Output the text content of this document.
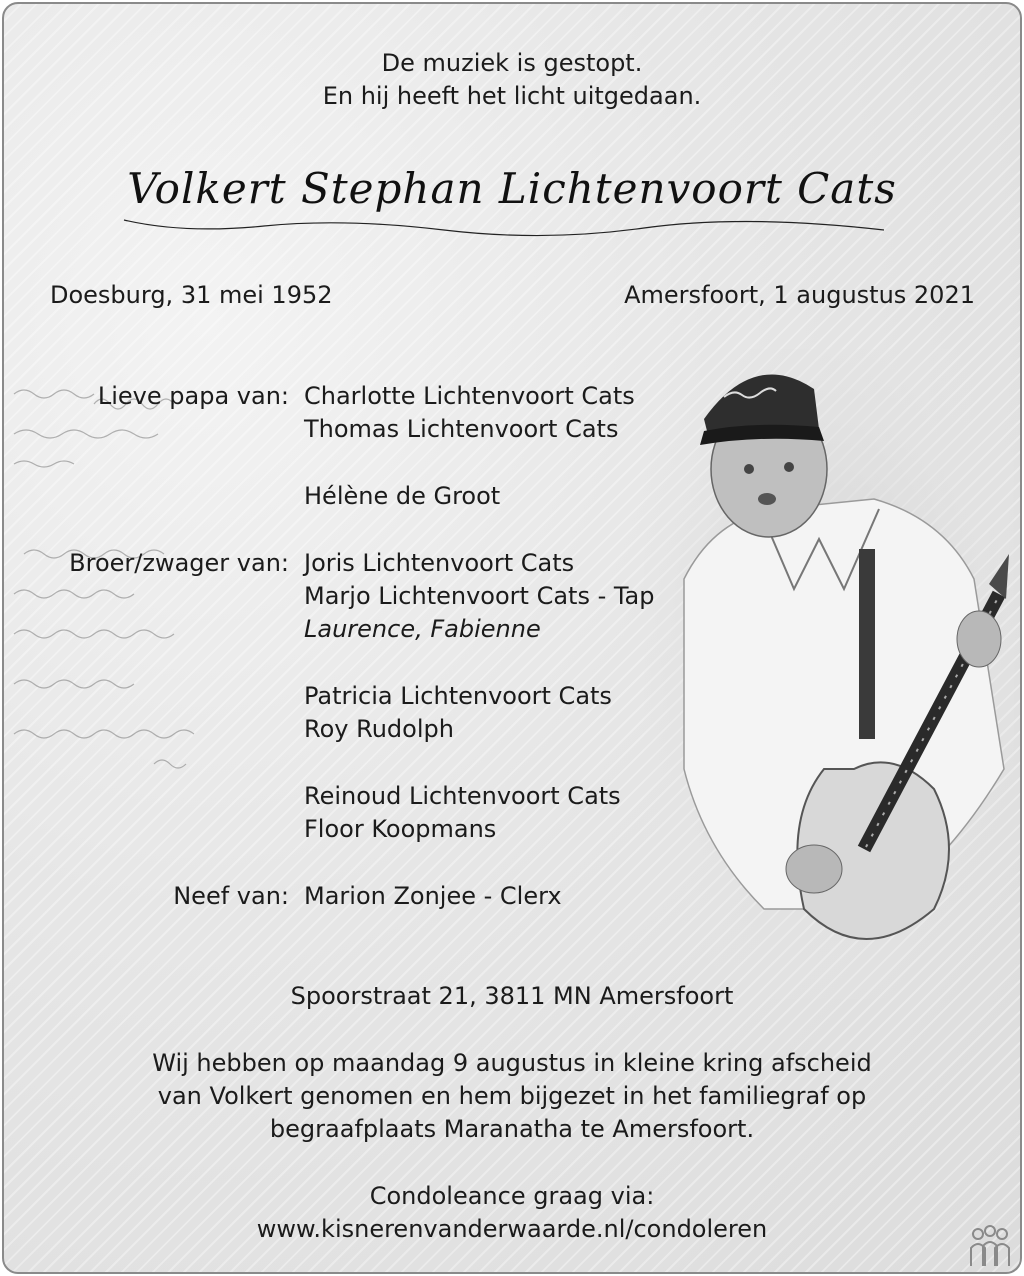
De muziek is gestopt.
En hij heeft het licht uitgedaan.
Volkert Stephan Lichtenvoort Cats
Doesburg, 31 mei 1952	Amersfoort, 1 augustus 2021
Lieve papa van: Charlotte Lichtenvoort Cats
Thomas Lichtenvoort Cats
Hélène de Groot
Broer/zwager van: Joris Lichtenvoort Cats
Marjo Lichtenvoort Cats - Tap
Laurence, Fabienne
Patricia Lichtenvoort Cats
Roy Rudolph
Reinoud Lichtenvoort Cats
Floor Koopmans
Neef van: Marion Zonjee - Clerx
Spoorstraat 21, 3811 MN Amersfoort
Wij hebben op maandag 9 augustus in kleine kring afscheid
van Volkert genomen en hem bijgezet in het familiegraf op
begraafplaats Maranatha te Amersfoort.
Condoleance graag via:
www.kisnerenvanderwaarde.nl/condoleren
